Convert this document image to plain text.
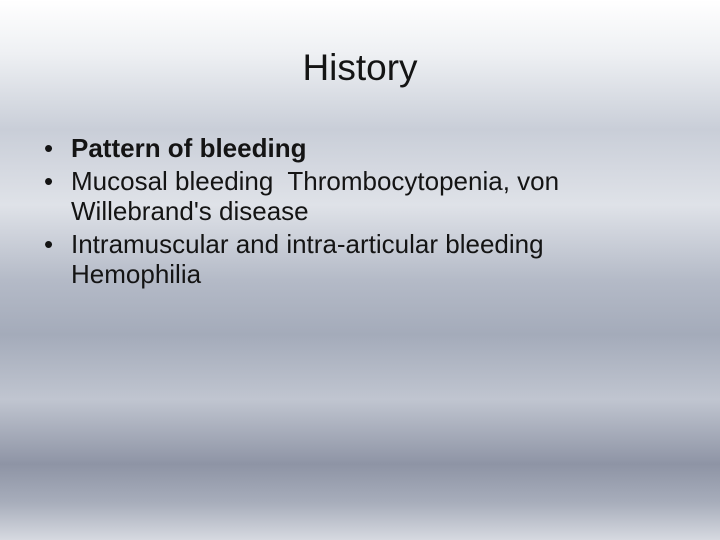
History
• Pattern of bleeding
• Mucosal bleeding Thrombocytopenia, von Willebrand's disease
• Intramuscular and intra-articular bleeding
Hemophilia
